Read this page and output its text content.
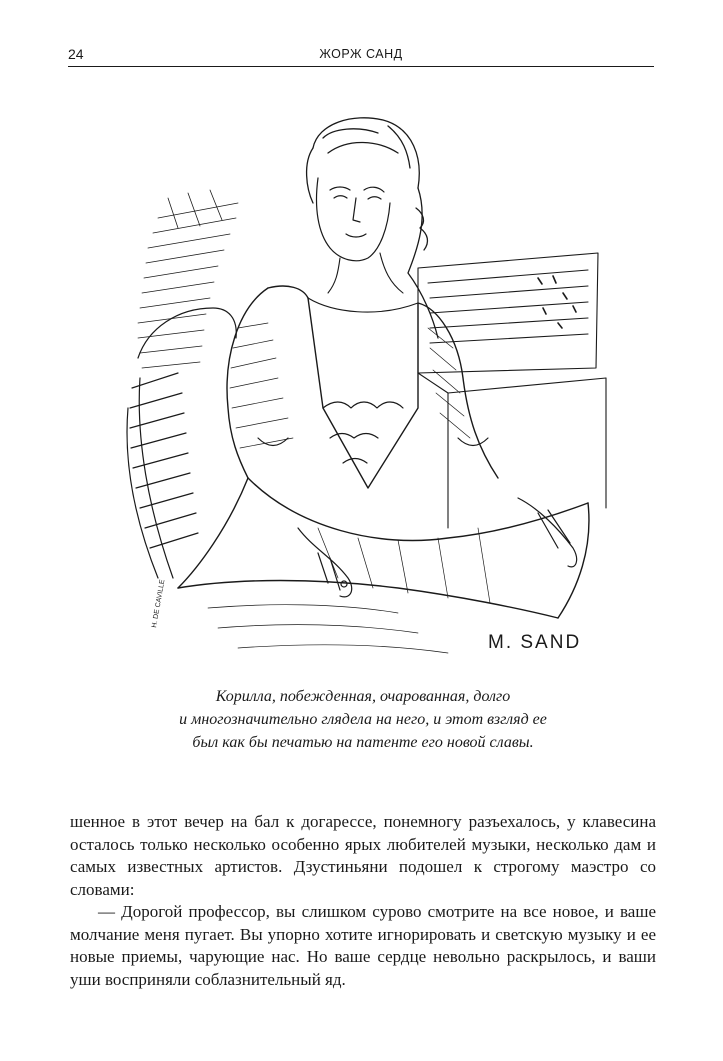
24	ЖОРЖ САНД
H. DE CAVILLE
M. SAND
Корилла, побежденная, очарованная, долго
и многозначительно глядела на него, и этот взгляд ее
был как бы печатью на патенте его новой славы.

шенное в этот вечер на бал к догарессе, понемногу разъехалось, у клавесина осталось только несколько особенно ярых любителей музыки, несколько дам и самых известных артистов. Дзустиньяни подошел к строгому маэстро со словами:

— Дорогой профессор, вы слишком сурово смотрите на все новое, и ваше молчание меня пугает. Вы упорно хотите игнорировать и светскую музыку и ее новые приемы, чарующие нас. Но ваше сердце невольно раскрылось, и ваши уши восприняли соблазнительный яд.
